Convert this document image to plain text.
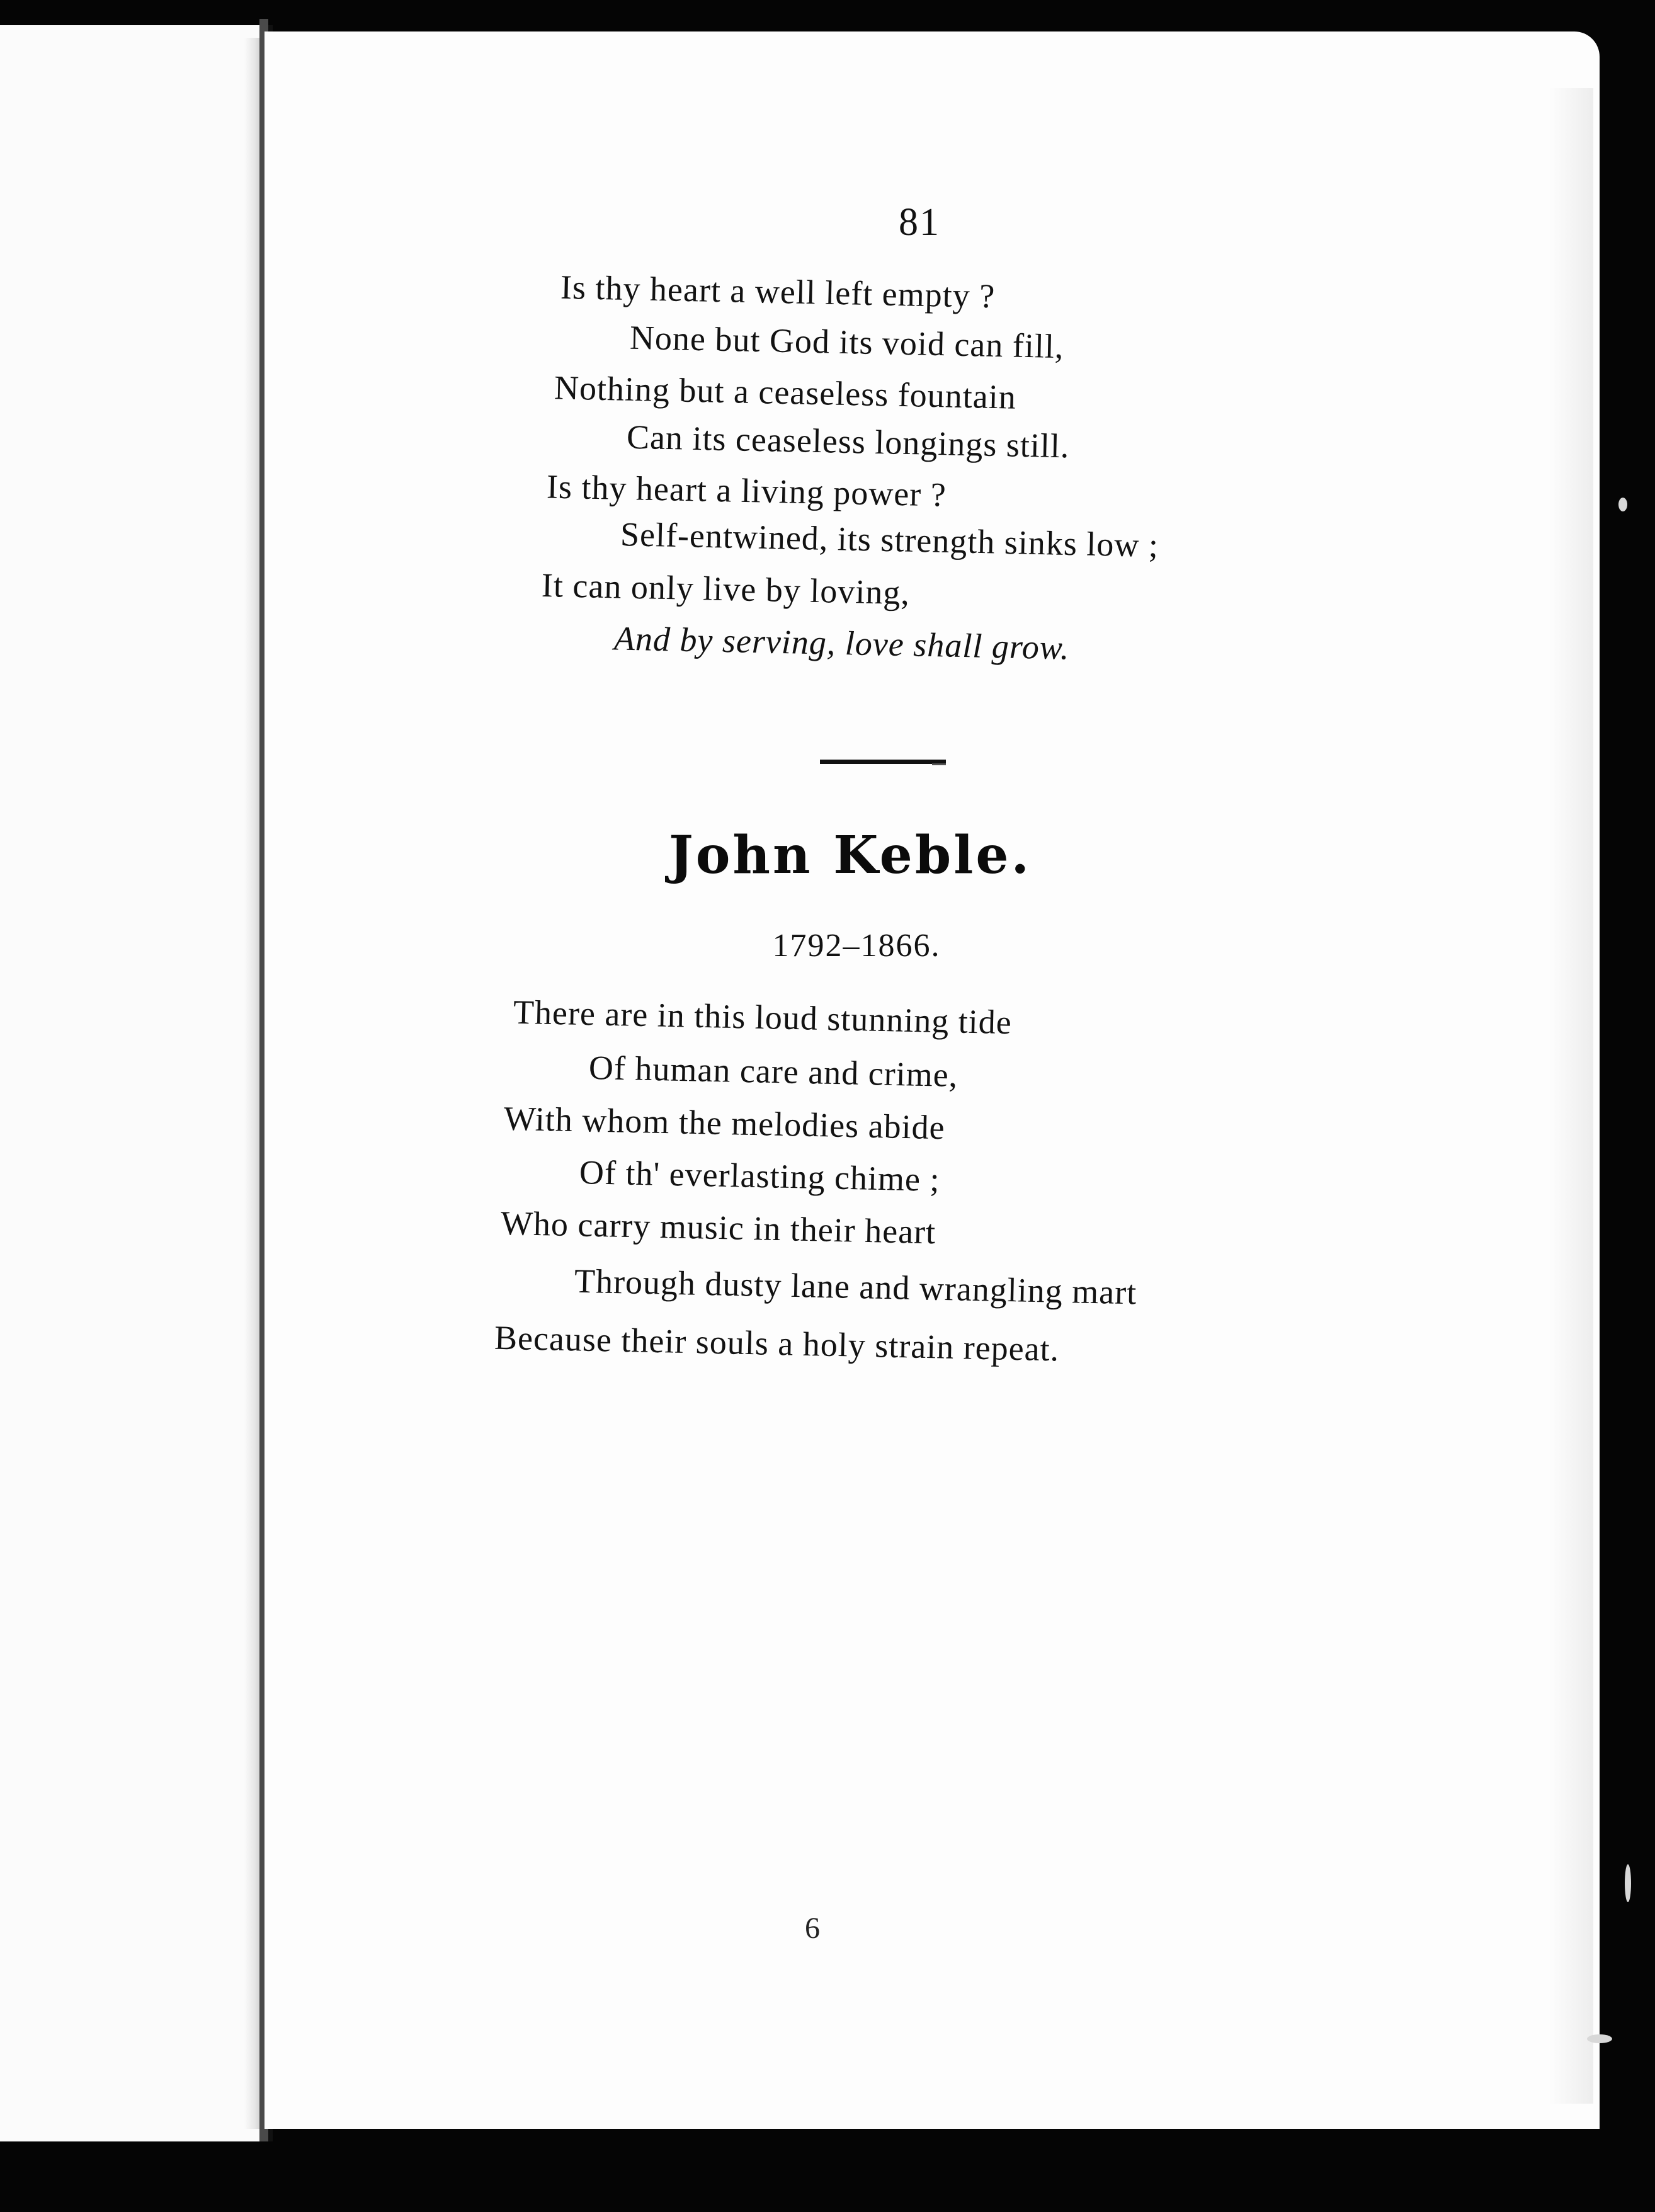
81
Is thy heart a well left empty ?
None but God its void can fill,
Nothing but a ceaseless fountain
Can its ceaseless longings still.
Is thy heart a living power ?
Self-entwined, its strength sinks low ;
It can only live by loving,
And by serving, love shall grow.
John Keble.
1792–1866.
There are in this loud stunning tide
Of human care and crime,
With whom the melodies abide
Of th' everlasting chime ;
Who carry music in their heart
Through dusty lane and wrangling mart
Because their souls a holy strain repeat.
6
